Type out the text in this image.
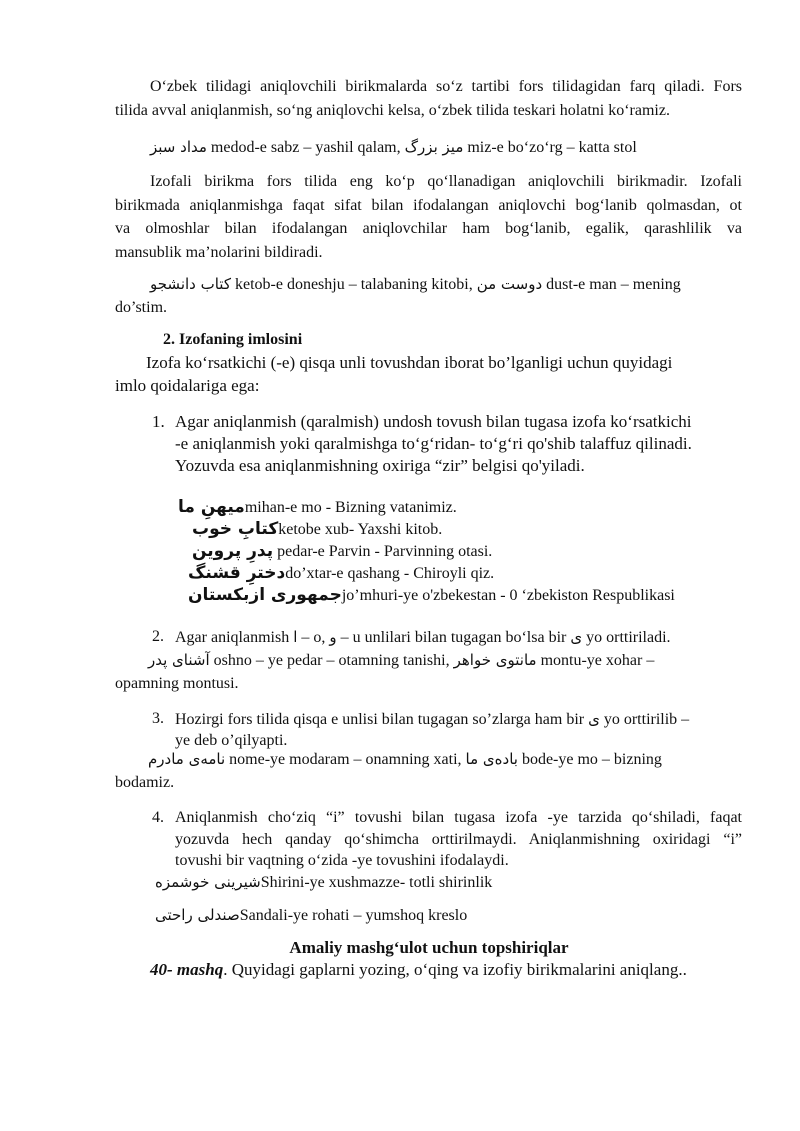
O‘zbek tilidagi aniqlovchili birikmalarda so‘z tartibi fors tilidagidan farq qiladi. Fors
tilida avval aniqlanmish, so‘ng aniqlovchi kelsa, o‘zbek tilida teskari holatni ko‘ramiz.
مداد سبز medod-e sabz – yashil qalam, میز بزرگ miz-e bo‘zo‘rg – katta stol
Izofali birikma fors tilida eng ko‘p qo‘llanadigan aniqlovchili birikmadir. Izofali
birikmada aniqlanmishga faqat sifat bilan ifodalangan aniqlovchi bog‘lanib qolmasdan, ot
va olmoshlar bilan ifodalangan aniqlovchilar ham bog‘lanib, egalik, qarashlilik va
mansublik ma’nolarini bildiradi.
کتاب دانشجو ketob-e doneshju – talabaning kitobi, دوست من dust-e man – mening
do’stim.
2. Izofaning imlosini
Izofa ko‘rsatkichi (-e) qisqa unli tovushdan iborat bo’lganligi uchun quyidagi
imlo qoidalariga ega:
1. Agar aniqlanmish (qaralmish) undosh tovush bilan tugasa izofa ko‘rsatkichi
-e aniqlanmish yoki qaralmishga to‘g‘ridan- to‘g‘ri qo'shib talaffuz qilinadi.
Yozuvda esa aniqlanmishning oxiriga “zir” belgisi qo'yiladi.
میهنِ ماmihan-e mo - Bizning vatanimiz.
کتابِ خوبketobe xub- Yaxshi kitob.
پدرِ پروین pedar-e Parvin - Parvinning otasi.
دخترِ قشنگdo’xtar-e qashang - Chiroyli qiz.
جمهوری ازبکستانjo’mhuri-ye o'zbekestan - 0 ‘zbekiston Respublikasi
2. Agar aniqlanmish ا – o, و – u unlilari bilan tugagan bo‘lsa bir ی yo orttiriladi.
آشنای پدر oshno – ye pedar – otamning tanishi, مانتوی خواهر montu-ye xohar –
opamning montusi.
3. Hozirgi fors tilida qisqa e unlisi bilan tugagan so’zlarga ham bir ی yo orttirilib –
ye deb o’qilyapti.
نامه‌ی مادرم nome-ye modaram – onamning xati, باده‌ی ما bode-ye mo – bizning
bodamiz.
4. Aniqlanmish cho‘ziq “i” tovushi bilan tugasa izofa -ye tarzida qo‘shiladi, faqat
yozuvda hech qanday qo‘shimcha orttirilmaydi. Aniqlanmishning oxiridagi “i”
tovushi bir vaqtning o‘zida -ye tovushini ifodalaydi.
شیرینی خوشمزهShirini-ye xushmazze- totli shirinlik
صندلی راحتیSandali-ye rohati – yumshoq kreslo
Amaliy mashg‘ulot uchun topshiriqlar
40- mashq. Quyidagi gaplarni yozing, o‘qing va izofiy birikmalarini aniqlang..
